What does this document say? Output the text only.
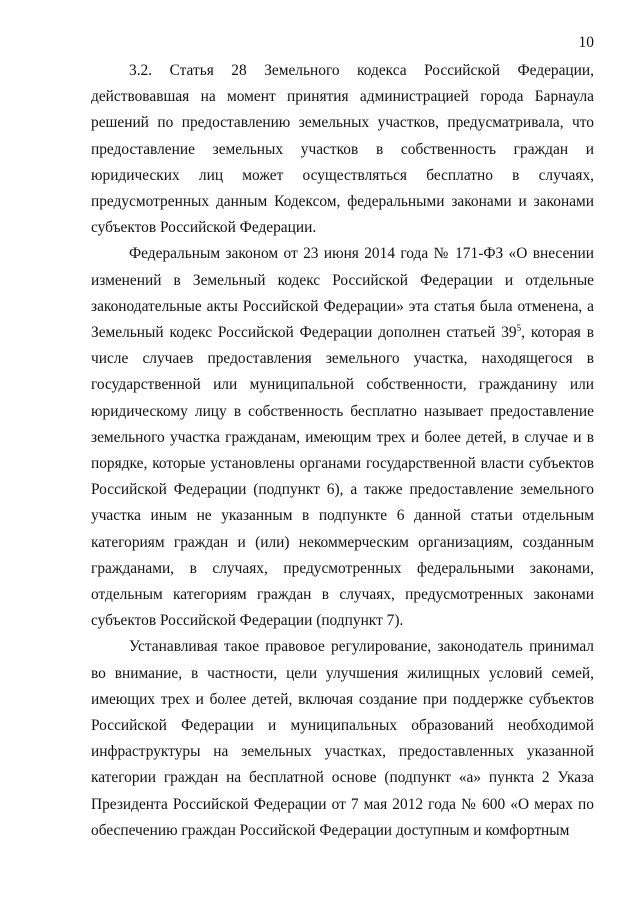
10

3.2. Статья 28 Земельного кодекса Российской Федерации, действовавшая на момент принятия администрацией города Барнаула решений по предоставлению земельных участков, предусматривала, что предоставление земельных участков в собственность граждан и юридических лиц может осуществляться бесплатно в случаях, предусмотренных данным Кодексом, федеральными законами и законами субъектов Российской Федерации.

Федеральным законом от 23 июня 2014 года № 171-ФЗ «О внесении изменений в Земельный кодекс Российской Федерации и отдельные законодательные акты Российской Федерации» эта статья была отменена, а Земельный кодекс Российской Федерации дополнен статьей $39^5$, которая в числе случаев предоставления земельного участка, находящегося в государственной или муниципальной собственности, гражданину или юридическому лицу в собственность бесплатно называет предоставление земельного участка гражданам, имеющим трех и более детей, в случае и в порядке, которые установлены органами государственной власти субъектов Российской Федерации (подпункт 6), а также предоставление земельного участка иным не указанным в подпункте 6 данной статьи отдельным категориям граждан и (или) некоммерческим организациям, созданным гражданами, в случаях, предусмотренных федеральными законами, отдельным категориям граждан в случаях, предусмотренных законами субъектов Российской Федерации (подпункт 7).

Устанавливая такое правовое регулирование, законодатель принимал во внимание, в частности, цели улучшения жилищных условий семей, имеющих трех и более детей, включая создание при поддержке субъектов Российской Федерации и муниципальных образований необходимой инфраструктуры на земельных участках, предоставленных указанной категории граждан на бесплатной основе (подпункт «а» пункта 2 Указа Президента Российской Федерации от 7 мая 2012 года № 600 «О мерах по обеспечению граждан Российской Федерации доступным и комфортным
